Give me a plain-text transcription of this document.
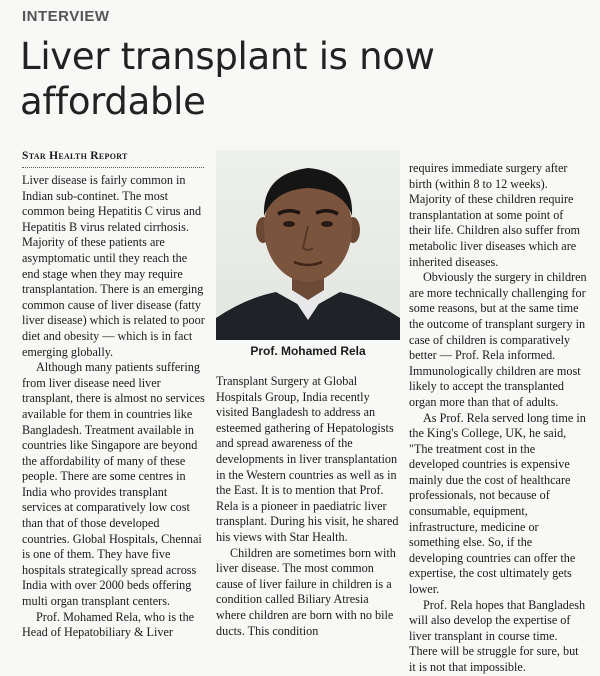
INTERVIEW
Liver transplant is now affordable
Star Health Report

Liver disease is fairly common in Indian sub-continet. The most common being Hepatitis C virus and Hepatitis B virus related cirrhosis. Majority of these patients are asymptomatic until they reach the end stage when they may require transplantation. There is an emerging common cause of liver disease (fatty liver disease) which is related to poor diet and obesity — which is in fact emerging globally.

Although many patients suffering from liver disease need liver transplant, there is almost no services available for them in countries like Bangladesh. Treatment available in countries like Singapore are beyond the affordability of many of these people. There are some centres in India who provides transplant services at comparatively low cost than that of those developed countries. Global Hospitals, Chennai is one of them. They have five hospitals strategically spread across India with over 2000 beds offering multi organ transplant centers.

Prof. Mohamed Rela, who is the Head of Hepatobiliary & Liver

Prof. Mohamed Rela

Transplant Surgery at Global Hospitals Group, India recently visited Bangladesh to address an esteemed gathering of Hepatologists and spread awareness of the developments in liver transplantation in the Western countries as well as in the East. It is to mention that Prof. Rela is a pioneer in paediatric liver transplant. During his visit, he shared his views with Star Health.

Children are sometimes born with liver disease. The most common cause of liver failure in children is a condition called Biliary Atresia where children are born with no bile ducts. This condition

requires immediate surgery after birth (within 8 to 12 weeks). Majority of these children require transplantation at some point of their life. Children also suffer from metabolic liver diseases which are inherited diseases.

Obviously the surgery in children are more technically challenging for some reasons, but at the same time the outcome of transplant surgery in case of children is comparatively better — Prof. Rela informed. Immunologically children are most likely to accept the transplanted organ more than that of adults.

As Prof. Rela served long time in the King's College, UK, he said, "The treatment cost in the developed countries is expensive mainly due the cost of healthcare professionals, not because of consumable, equipment, infrastructure, medicine or something else. So, if the developing countries can offer the expertise, the cost ultimately gets lower.

Prof. Rela hopes that Bangladesh will also develop the expertise of liver transplant in course time. There will be struggle for sure, but it is not that impossible.
